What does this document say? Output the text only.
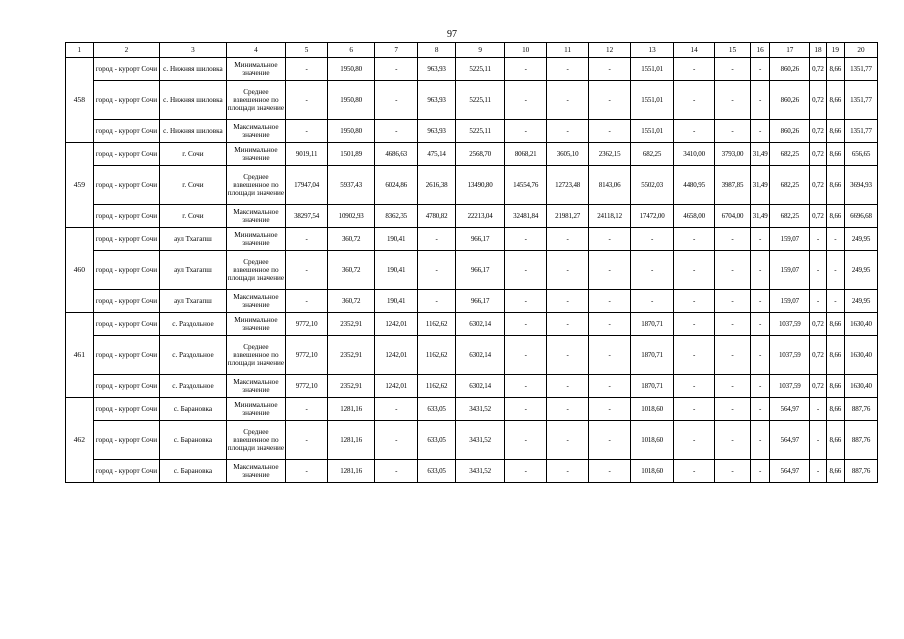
97
1	2	3	4	5	6	7	8	9	10	11	12	13	14	15	16	17	18	19	20
458	город - курорт Сочи	с. Нижняя шиловка	Минимальное значение	-	1950,80	-	963,93	5225,11	-	-	-	1551,01	-	-	-	860,26	0,72	8,66	1351,77
	город - курорт Сочи	с. Нижняя шиловка	Среднее взвешенное по площади значение	-	1950,80	-	963,93	5225,11	-	-	-	1551,01	-	-	-	860,26	0,72	8,66	1351,77
	город - курорт Сочи	с. Нижняя шиловка	Максимальное значение	-	1950,80	-	963,93	5225,11	-	-	-	1551,01	-	-	-	860,26	0,72	8,66	1351,77
459	город - курорт Сочи	г. Сочи	Минимальное значение	9019,11	1501,89	4686,63	475,14	2568,70	8068,21	3605,10	2362,15	682,25	3410,00	3793,00	31,49	682,25	0,72	8,66	656,65
	город - курорт Сочи	г. Сочи	Среднее взвешенное по площади значение	17947,04	5937,43	6024,86	2616,38	13490,80	14554,76	12723,48	8143,06	5502,03	4480,95	3987,85	31,49	682,25	0,72	8,66	3694,93
	город - курорт Сочи	г. Сочи	Максимальное значение	38297,54	10902,93	8362,35	4780,82	22213,04	32481,84	21981,27	24118,12	17472,00	4658,00	6704,00	31,49	682,25	0,72	8,66	6696,68
460	город - курорт Сочи	аул Тхагапш	Минимальное значение	-	360,72	190,41	-	966,17	-	-	-	-	-	-	-	159,07	-	-	249,95
	город - курорт Сочи	аул Тхагапш	Среднее взвешенное по площади значение	-	360,72	190,41	-	966,17	-	-	-	-	-	-	-	159,07	-	-	249,95
	город - курорт Сочи	аул Тхагапш	Максимальное значение	-	360,72	190,41	-	966,17	-	-	-	-	-	-	-	159,07	-	-	249,95
461	город - курорт Сочи	с. Раздольное	Минимальное значение	9772,10	2352,91	1242,01	1162,62	6302,14	-	-	-	1870,71	-	-	-	1037,59	0,72	8,66	1630,40
	город - курорт Сочи	с. Раздольное	Среднее взвешенное по площади значение	9772,10	2352,91	1242,01	1162,62	6302,14	-	-	-	1870,71	-	-	-	1037,59	0,72	8,66	1630,40
	город - курорт Сочи	с. Раздольное	Максимальное значение	9772,10	2352,91	1242,01	1162,62	6302,14	-	-	-	1870,71	-	-	-	1037,59	0,72	8,66	1630,40
462	город - курорт Сочи	с. Барановка	Минимальное значение	-	1281,16	-	633,05	3431,52	-	-	-	1018,60	-	-	-	564,97	-	8,66	887,76
	город - курорт Сочи	с. Барановка	Среднее взвешенное по площади значение	-	1281,16	-	633,05	3431,52	-	-	-	1018,60	-	-	-	564,97	-	8,66	887,76
	город - курорт Сочи	с. Барановка	Максимальное значение	-	1281,16	-	633,05	3431,52	-	-	-	1018,60	-	-	-	564,97	-	8,66	887,76
